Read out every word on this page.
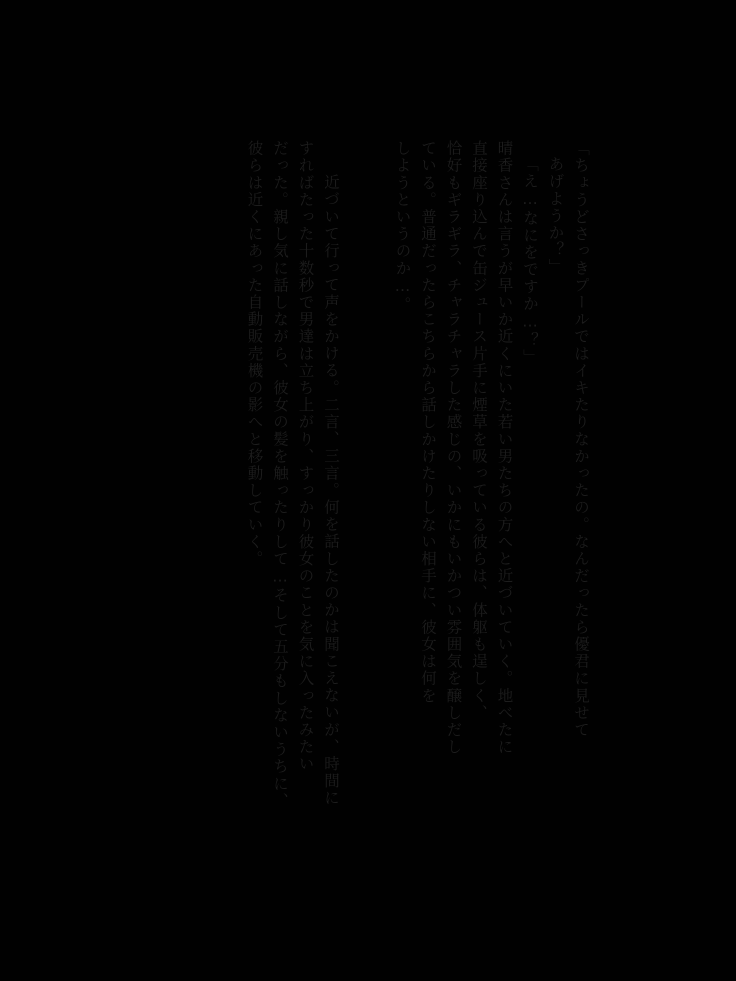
「ちょうどさっきプールではイキたりなかったの。なんだったら優君に見せて
あげようか？」
「え…なにをですか…？」
晴香さんは言うが早いか近くにいた若い男たちの方へと近づいていく。地べたに
直接座り込んで缶ジュース片手に煙草を吸っている彼らは、体躯も逞しく、
恰好もギラギラ、チャラチャラした感じの、いかにもいかつい雰囲気を醸しだし
ている。普通だったらこちらから話しかけたりしない相手に、彼女は何を
しようというのか…。
近づいて行って声をかける。二言、三言。何を話したのかは聞こえないが、時間に
すればたった十数秒で男達は立ち上がり、すっかり彼女のことを気に入ったみたい
だった。親し気に話しながら、彼女の髪を触ったりして…そして五分もしないうちに、
彼らは近くにあった自動販売機の影へと移動していく。
